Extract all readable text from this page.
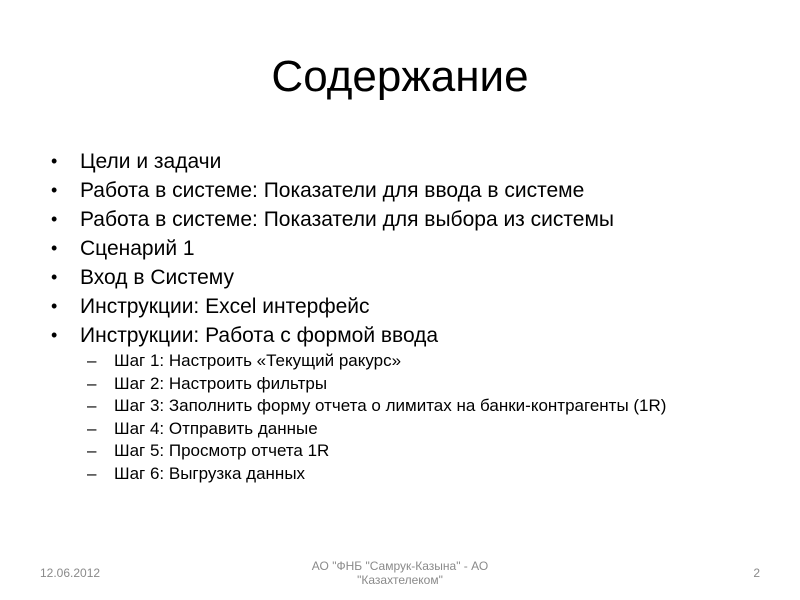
Содержание
• Цели и задачи
• Работа в системе: Показатели для ввода в системе
• Работа в системе: Показатели для выбора из системы
• Сценарий 1
• Вход в Систему
• Инструкции: Excel интерфейс
• Инструкции: Работа с формой ввода
– Шаг 1: Настроить «Текущий ракурс»
– Шаг 2: Настроить фильтры
– Шаг 3: Заполнить форму отчета о лимитах на банки-контрагенты (1R)
– Шаг 4: Отправить данные
– Шаг 5: Просмотр отчета 1R
– Шаг 6: Выгрузка данных
12.06.2012	АО "ФНБ "Самрук-Казына" - АО
"Казахтелеком"	2
